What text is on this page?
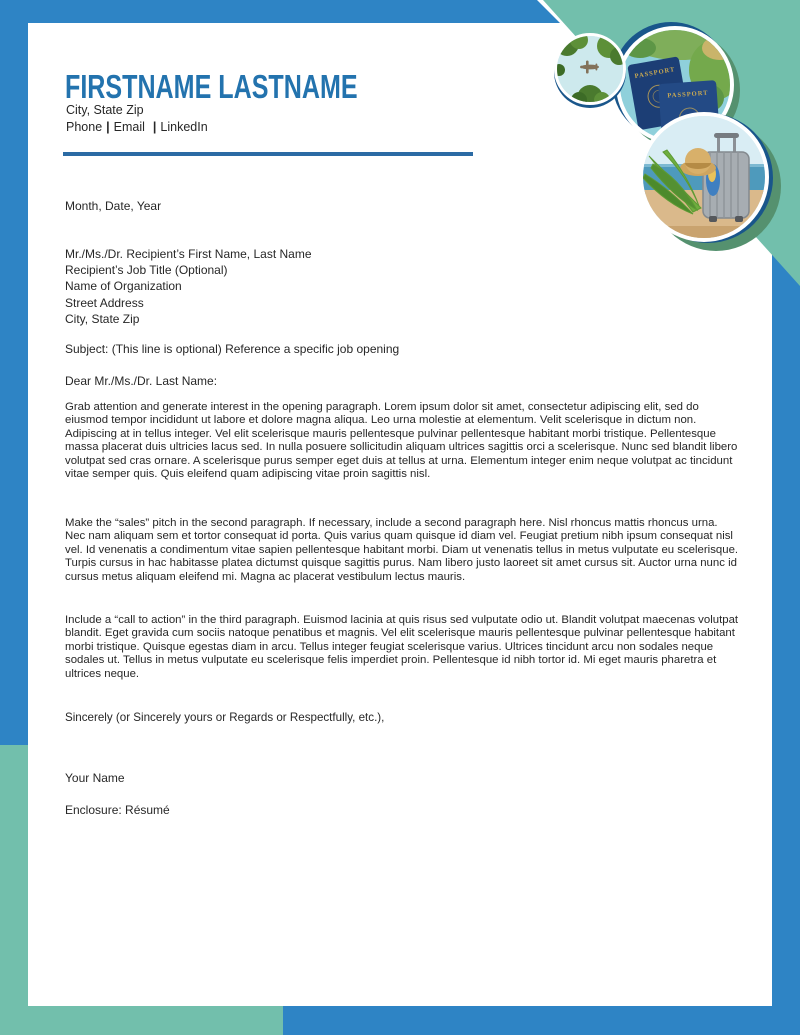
PASSPORT
PASSPORT
FIRSTNAME LASTNAME
City, State Zip
Phone | Email | LinkedIn
Month, Date, Year
Mr./Ms./Dr. Recipient’s First Name, Last Name
Recipient’s Job Title (Optional)
Name of Organization
Street Address
City, State Zip
Subject: (This line is optional) Reference a specific job opening
Dear Mr./Ms./Dr. Last Name:
Grab attention and generate interest in the opening paragraph. Lorem ipsum dolor sit amet, consectetur adipiscing elit, sed do eiusmod tempor incididunt ut labore et dolore magna aliqua. Leo urna molestie at elementum. Velit scelerisque in dictum non. Adipiscing at in tellus integer. Vel elit scelerisque mauris pellentesque pulvinar pellentesque habitant morbi tristique. Pellentesque massa placerat duis ultricies lacus sed. In nulla posuere sollicitudin aliquam ultrices sagittis orci a scelerisque. Nunc sed blandit libero volutpat sed cras ornare. A scelerisque purus semper eget duis at tellus at urna. Elementum integer enim neque volutpat ac tincidunt vitae semper quis. Quis eleifend quam adipiscing vitae proin sagittis nisl.
Make the “sales” pitch in the second paragraph. If necessary, include a second paragraph here. Nisl rhoncus mattis rhoncus urna. Nec nam aliquam sem et tortor consequat id porta. Quis varius quam quisque id diam vel. Feugiat pretium nibh ipsum consequat nisl vel. Id venenatis a condimentum vitae sapien pellentesque habitant morbi. Diam ut venenatis tellus in metus vulputate eu scelerisque. Turpis cursus in hac habitasse platea dictumst quisque sagittis purus. Nam libero justo laoreet sit amet cursus sit. Auctor urna nunc id cursus metus aliquam eleifend mi. Magna ac placerat vestibulum lectus mauris.
Include a “call to action” in the third paragraph. Euismod lacinia at quis risus sed vulputate odio ut. Blandit volutpat maecenas volutpat blandit. Eget gravida cum sociis natoque penatibus et magnis. Vel elit scelerisque mauris pellentesque pulvinar pellentesque habitant morbi tristique. Quisque egestas diam in arcu. Tellus integer feugiat scelerisque varius. Ultrices tincidunt arcu non sodales neque sodales ut. Tellus in metus vulputate eu scelerisque felis imperdiet proin. Pellentesque id nibh tortor id. Mi eget mauris pharetra et ultrices neque.
Sincerely (or Sincerely yours or Regards or Respectfully, etc.),
Your Name
Enclosure: Résumé
